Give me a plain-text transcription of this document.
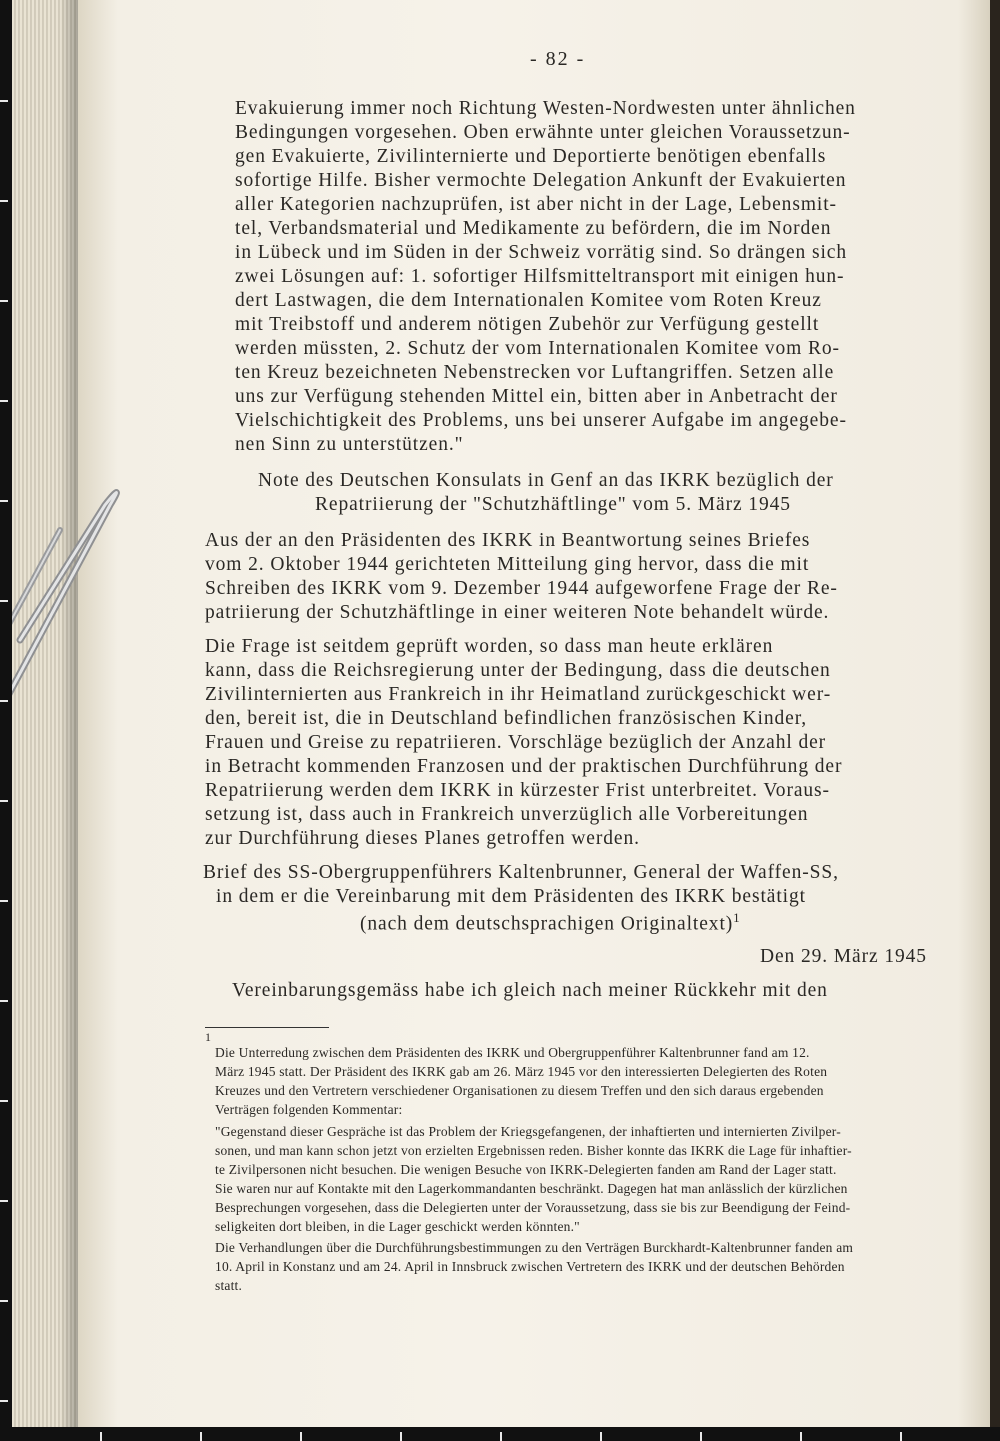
- 82 -
Evakuierung immer noch Richtung Westen-Nordwesten unter ähnlichen
Bedingungen vorgesehen. Oben erwähnte unter gleichen Voraussetzun-
gen Evakuierte, Zivilinternierte und Deportierte benötigen ebenfalls
sofortige Hilfe. Bisher vermochte Delegation Ankunft der Evakuierten
aller Kategorien nachzuprüfen, ist aber nicht in der Lage, Lebensmit-
tel, Verbandsmaterial und Medikamente zu befördern, die im Norden
in Lübeck und im Süden in der Schweiz vorrätig sind. So drängen sich
zwei Lösungen auf: 1. sofortiger Hilfsmitteltransport mit einigen hun-
dert Lastwagen, die dem Internationalen Komitee vom Roten Kreuz
mit Treibstoff und anderem nötigen Zubehör zur Verfügung gestellt
werden müssten, 2. Schutz der vom Internationalen Komitee vom Ro-
ten Kreuz bezeichneten Nebenstrecken vor Luftangriffen. Setzen alle
uns zur Verfügung stehenden Mittel ein, bitten aber in Anbetracht der
Vielschichtigkeit des Problems, uns bei unserer Aufgabe im angegebe-
nen Sinn zu unterstützen."
Note des Deutschen Konsulats in Genf an das IKRK bezüglich der
Repatriierung der "Schutzhäftlinge" vom 5. März 1945
Aus der an den Präsidenten des IKRK in Beantwortung seines Briefes
vom 2. Oktober 1944 gerichteten Mitteilung ging hervor, dass die mit
Schreiben des IKRK vom 9. Dezember 1944 aufgeworfene Frage der Re-
patriierung der Schutzhäftlinge in einer weiteren Note behandelt würde.
Die Frage ist seitdem geprüft worden, so dass man heute erklären
kann, dass die Reichsregierung unter der Bedingung, dass die deutschen
Zivilinternierten aus Frankreich in ihr Heimatland zurückgeschickt wer-
den, bereit ist, die in Deutschland befindlichen französischen Kinder,
Frauen und Greise zu repatriieren. Vorschläge bezüglich der Anzahl der
in Betracht kommenden Franzosen und der praktischen Durchführung der
Repatriierung werden dem IKRK in kürzester Frist unterbreitet. Voraus-
setzung ist, dass auch in Frankreich unverzüglich alle Vorbereitungen
zur Durchführung dieses Planes getroffen werden.
Brief des SS-Obergruppenführers Kaltenbrunner, General der Waffen-SS,
in dem er die Vereinbarung mit dem Präsidenten des IKRK bestätigt
(nach dem deutschsprachigen Originaltext)$^1$
Den 29. März 1945
Vereinbarungsgemäss habe ich gleich nach meiner Rückkehr mit den
1
Die Unterredung zwischen dem Präsidenten des IKRK und Obergruppenführer Kaltenbrunner fand am 12.
März 1945 statt. Der Präsident des IKRK gab am 26. März 1945 vor den interessierten Delegierten des Roten
Kreuzes und den Vertretern verschiedener Organisationen zu diesem Treffen und den sich daraus ergebenden
Verträgen folgenden Kommentar:
"Gegenstand dieser Gespräche ist das Problem der Kriegsgefangenen, der inhaftierten und internierten Zivilper-
sonen, und man kann schon jetzt von erzielten Ergebnissen reden. Bisher konnte das IKRK die Lage für inhaftier-
te Zivilpersonen nicht besuchen. Die wenigen Besuche von IKRK-Delegierten fanden am Rand der Lager statt.
Sie waren nur auf Kontakte mit den Lagerkommandanten beschränkt. Dagegen hat man anlässlich der kürzlichen
Besprechungen vorgesehen, dass die Delegierten unter der Voraussetzung, dass sie bis zur Beendigung der Feind-
seligkeiten dort bleiben, in die Lager geschickt werden könnten."
Die Verhandlungen über die Durchführungsbestimmungen zu den Verträgen Burckhardt-Kaltenbrunner fanden am
10. April in Konstanz und am 24. April in Innsbruck zwischen Vertretern des IKRK und der deutschen Behörden
statt.
